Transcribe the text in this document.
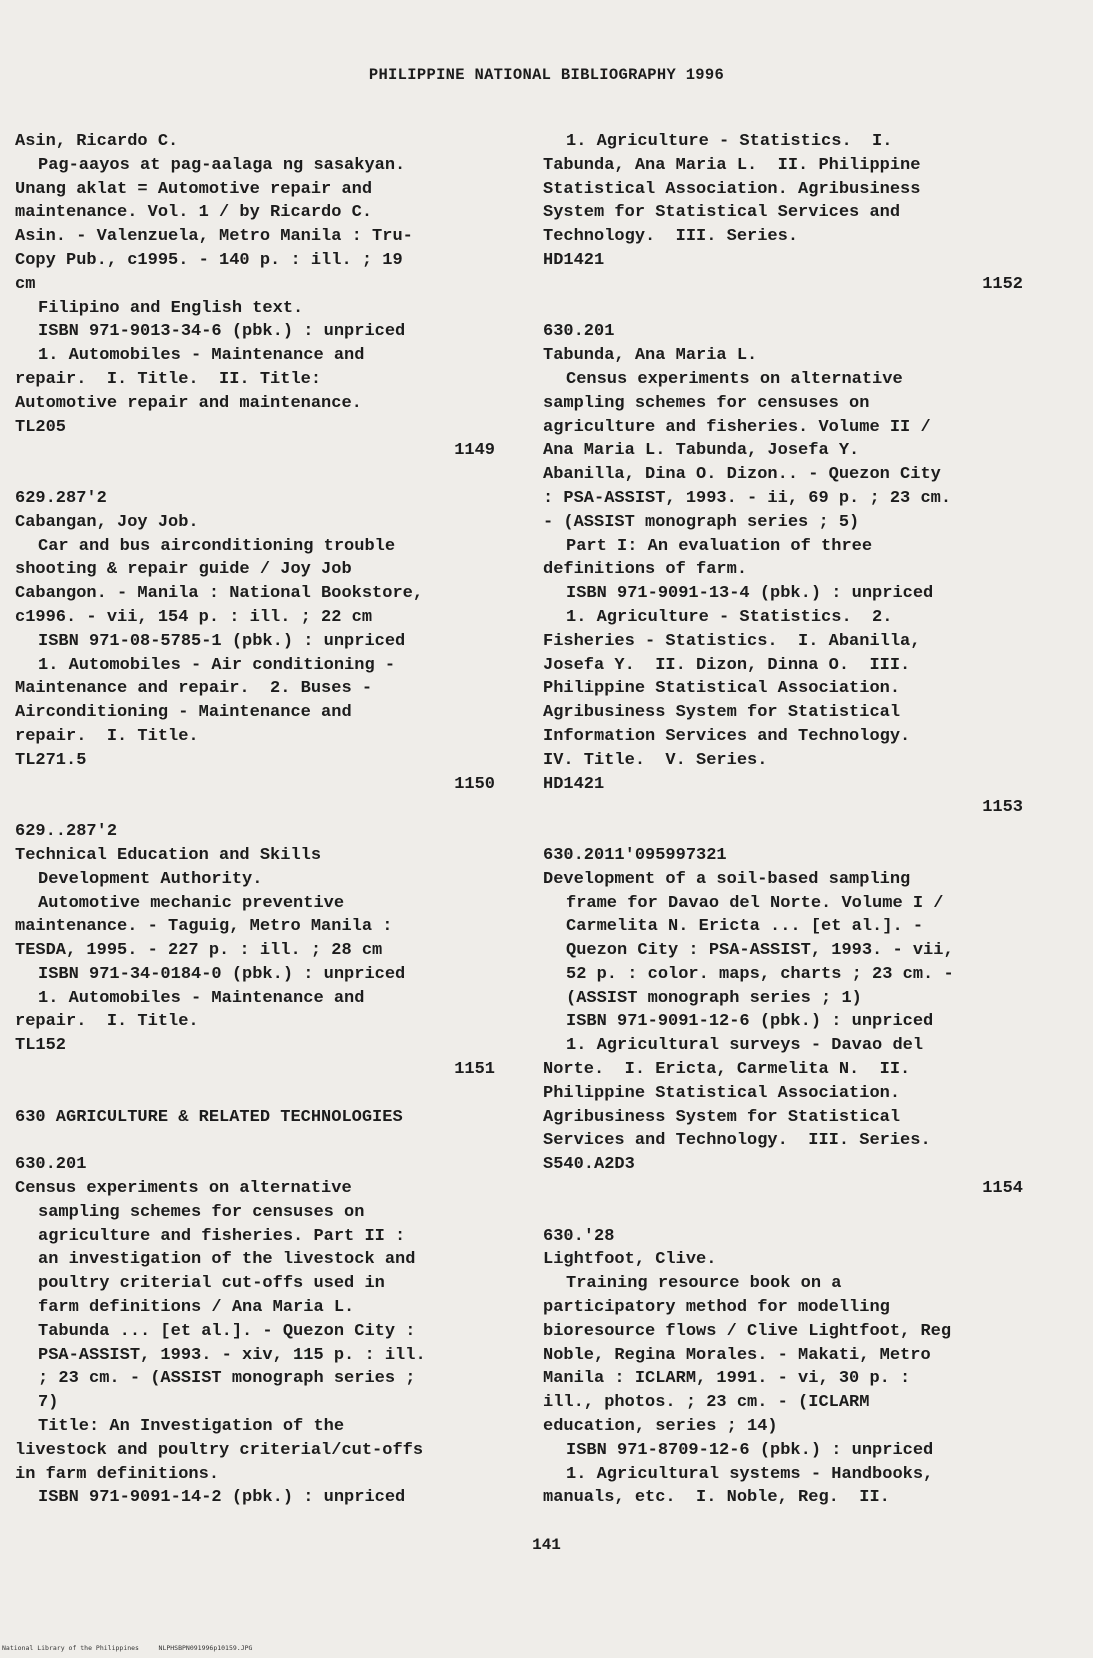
PHILIPPINE NATIONAL BIBLIOGRAPHY 1996
Asin, Ricardo C.
Pag-aayos at pag-aalaga ng sasakyan.
Unang aklat = Automotive repair and
maintenance. Vol. 1 / by Ricardo C.
Asin. - Valenzuela, Metro Manila : Tru-
Copy Pub., c1995. - 140 p. : ill. ; 19
cm
Filipino and English text.
ISBN 971-9013-34-6 (pbk.) : unpriced
1. Automobiles - Maintenance and
repair.  I. Title.  II. Title:
Automotive repair and maintenance.
TL205
1149
629.287'2
Cabangan, Joy Job.
Car and bus airconditioning trouble
shooting & repair guide / Joy Job
Cabangon. - Manila : National Bookstore,
c1996. - vii, 154 p. : ill. ; 22 cm
ISBN 971-08-5785-1 (pbk.) : unpriced
1. Automobiles - Air conditioning -
Maintenance and repair.  2. Buses -
Airconditioning - Maintenance and
repair.  I. Title.
TL271.5
1150
629..287'2
Technical Education and Skills
Development Authority.
Automotive mechanic preventive
maintenance. - Taguig, Metro Manila :
TESDA, 1995. - 227 p. : ill. ; 28 cm
ISBN 971-34-0184-0 (pbk.) : unpriced
1. Automobiles - Maintenance and
repair.  I. Title.
TL152
1151
630 AGRICULTURE & RELATED TECHNOLOGIES
630.201
Census experiments on alternative
sampling schemes for censuses on
agriculture and fisheries. Part II :
an investigation of the livestock and
poultry criterial cut-offs used in
farm definitions / Ana Maria L.
Tabunda ... [et al.]. - Quezon City :
PSA-ASSIST, 1993. - xiv, 115 p. : ill.
; 23 cm. - (ASSIST monograph series ;
7)
Title: An Investigation of the
livestock and poultry criterial/cut-offs
in farm definitions.
ISBN 971-9091-14-2 (pbk.) : unpriced
1. Agriculture - Statistics.  I.
Tabunda, Ana Maria L.  II. Philippine
Statistical Association. Agribusiness
System for Statistical Services and
Technology.  III. Series.
HD1421
1152
630.201
Tabunda, Ana Maria L.
Census experiments on alternative
sampling schemes for censuses on
agriculture and fisheries. Volume II /
Ana Maria L. Tabunda, Josefa Y.
Abanilla, Dina O. Dizon.. - Quezon City
: PSA-ASSIST, 1993. - ii, 69 p. ; 23 cm.
- (ASSIST monograph series ; 5)
Part I: An evaluation of three
definitions of farm.
ISBN 971-9091-13-4 (pbk.) : unpriced
1. Agriculture - Statistics.  2.
Fisheries - Statistics.  I. Abanilla,
Josefa Y.  II. Dizon, Dinna O.  III.
Philippine Statistical Association.
Agribusiness System for Statistical
Information Services and Technology.
IV. Title.  V. Series.
HD1421
1153
630.2011'095997321
Development of a soil-based sampling
frame for Davao del Norte. Volume I /
Carmelita N. Ericta ... [et al.]. -
Quezon City : PSA-ASSIST, 1993. - vii,
52 p. : color. maps, charts ; 23 cm. -
(ASSIST monograph series ; 1)
ISBN 971-9091-12-6 (pbk.) : unpriced
1. Agricultural surveys - Davao del
Norte.  I. Ericta, Carmelita N.  II.
Philippine Statistical Association.
Agribusiness System for Statistical
Services and Technology.  III. Series.
S540.A2D3
1154
630.'28
Lightfoot, Clive.
Training resource book on a
participatory method for modelling
bioresource flows / Clive Lightfoot, Reg
Noble, Regina Morales. - Makati, Metro
Manila : ICLARM, 1991. - vi, 30 p. :
ill., photos. ; 23 cm. - (ICLARM
education, series ; 14)
ISBN 971-8709-12-6 (pbk.) : unpriced
1. Agricultural systems - Handbooks,
manuals, etc.  I. Noble, Reg.  II.
141
National Library of the Philippines     NLPHSBPN091996p10159.JPG
